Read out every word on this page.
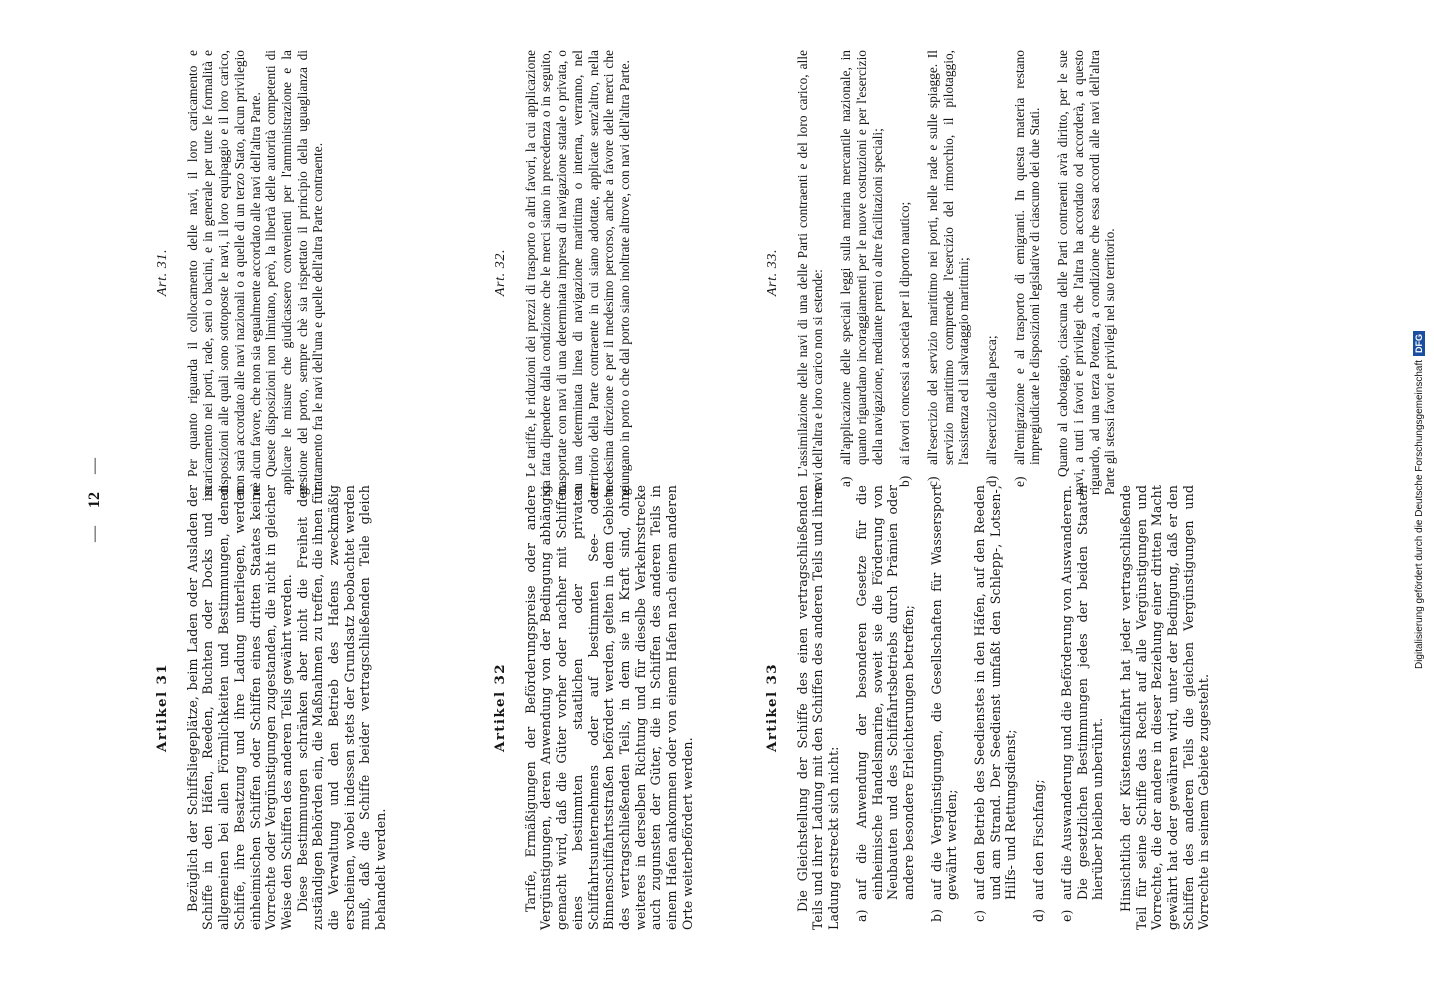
—12—
Artikel 31 Bezüglich der Schiffsliegeplätze, beim Laden oder Ausladen der Schiffe in den Häfen, Reeden, Buchten oder Docks und im allgemeinen bei allen Förmlichkeiten und Bestimmungen, denen Schiffe, ihre Besatzung und ihre Ladung unterliegen, werden einheimischen Schiffen oder Schiffen eines dritten Staates keine Vorrechte oder Vergünstigungen zugestanden, die nicht in gleicher Weise den Schiffen des anderen Teils gewährt werden. Diese Bestimmungen schränken aber nicht die Freiheit der zuständigen Behörden ein, die Maßnahmen zu treffen, die ihnen für die Verwaltung und den Betrieb des Hafens zweckmäßig erscheinen, wobei indessen stets der Grundsatz beobachtet werden muß, daß die Schiffe beider vertragschließenden Teile gleich behandelt werden.

Artikel 32 Tarife, Ermäßigungen der Beförderungspreise oder andere Vergünstigungen, deren Anwendung von der Bedingung abhängig gemacht wird, daß die Güter vorher oder nachher mit Schiffen eines bestimmten staatlichen oder privaten Schiffahrtsunternehmens oder auf bestimmten See- oder Binnenschiffahrtsstraßen befördert werden, gelten in dem Gebiete des vertragschließenden Teils, in dem sie in Kraft sind, ohne weiteres in derselben Richtung und für dieselbe Verkehrsstrecke auch zugunsten der Güter, die in Schiffen des anderen Teils in einem Hafen ankommen oder von einem Hafen nach einem anderen Orte weiterbefördert werden.

Artikel 33 Die Gleichstellung der Schiffe des einen vertragschließenden Teils und ihrer Ladung mit den Schiffen des anderen Teils und ihrer Ladung erstreckt sich nicht: a)
auf die Anwendung der besonderen Gesetze für die einheimische Handelsmarine, soweit sie die Förderung von Neubauten und des Schiffahrtsbetriebs durch Prämien oder andere besondere Erleichterungen betreffen;
b)
auf die Vergünstigungen, die Gesellschaften für Wassersport gewährt werden;
c)
auf den Betrieb des Seedienstes in den Häfen, auf den Reeden und am Strand. Der Seedienst umfaßt den Schlepp-, Lotsen-, Hilfs- und Rettungsdienst;
d)
auf den Fischfang;
e)
auf die Auswanderung und die Beförderung von Auswanderern. Die gesetzlichen Bestimmungen jedes der beiden Staaten hierüber bleiben unberührt. Hinsichtlich der Küstenschiffahrt hat jeder vertragschließende Teil für seine Schiffe das Recht auf alle Vergünstigungen und Vorrechte, die der andere in dieser Beziehung einer dritten Macht gewährt hat oder gewähren wird, unter der Bedingung, daß er den Schiffen des anderen Teils die gleichen Vergünstigungen und Vorrechte in seinem Gebiete zugesteht.

Art. 31. Per quanto riguarda il collocamento delle navi, il loro caricamento e scaricamento nei porti, rade, seni o bacini, e in generale per tutte le formalità e disposizioni alle quali sono sottoposte le navi, il loro equipaggio e il loro carico, non sarà accordato alle navi nazionali o a quelle di un terzo Stato, alcun privilegio nè alcun favore, che non sia egualmente accordato alle navi dell'altra Parte. Queste disposizioni non limitano, però, la libertà delle autorità competenti di applicare le misure che giudicassero convenienti per l'amministrazione e la gestione del porto, sempre chè sia rispettato il principio della uguaglianza di trattamento fra le navi dell'una e quelle dell'altra Parte contraente.	Art. 32. Le tariffe, le riduzioni dei prezzi di trasporto o altri favori, la cui applicazione sia fatta dipendere dalla condizione che le merci siano in precedenza o in seguito, trasportate con navi di una determinata impresa di navigazione statale o privata, o su una determinata linea di navigazione marittima o interna, verranno, nel territorio della Parte contraente in cui siano adottate, applicate senz'altro, nella medesima direzione e per il medesimo percorso, anche a favore delle merci che giungano in porto o che dal porto siano inoltrate altrove, con navi dell'altra Parte.	Art. 33. L'assimilazione delle navi di una delle Parti contraenti e del loro carico, alle navi dell'altra e loro carico non si estende: a)
all'applicazione delle speciali leggi sulla marina mercantile nazionale, in quanto riguardano incoraggiamenti per le nuove costruzioni e per l'esercizio della navigazione, mediante premi o altre facilitazioni speciali;
b)
ai favori concessi a società per il diporto nautico;
c)
all'esercizio del servizio marittimo nei porti, nelle rade e sulle spiagge. Il servizio marittimo comprende l'esercizio del rimorchio, il pilotaggio, l'assistenza ed il salvataggio marittimi;
d)
all'esercizio della pesca;
e)
all'emigrazione e al trasporto di emigranti. In questa materia restano impregiudicate le disposizioni legislative di ciascuno dei due Stati. Quanto al cabotaggio, ciascuna delle Parti contraenti avrà diritto, per le sue navi, a tutti i favori e privilegi che l'altra ha accordato od accorderà, a questo riguardo, ad una terza Potenza, a condizione che essa accordi alle navi dell'altra Parte gli stessi favori e privilegi nel suo territorio.	Digitalisierung gefördert durch die Deutsche Forschungsgemeinschaft
DFG
